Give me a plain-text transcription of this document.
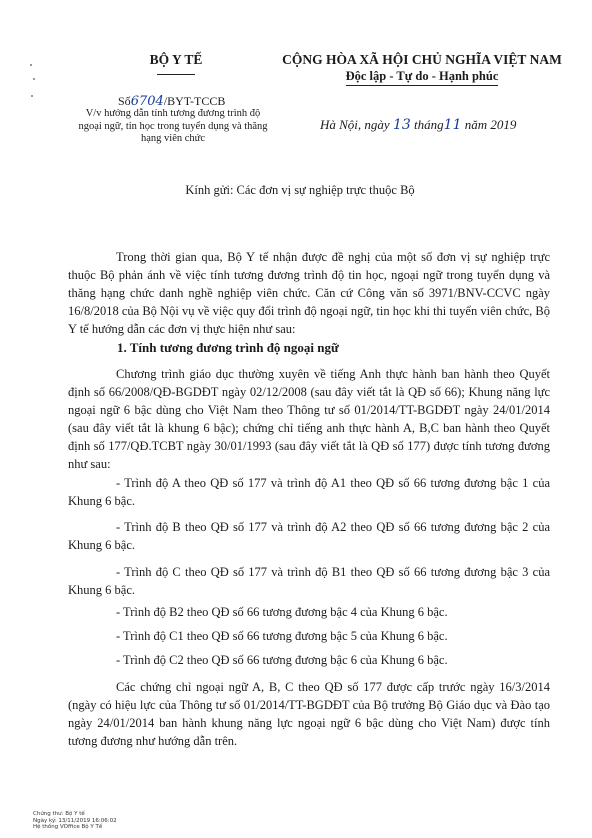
BỘ Y TẾ	CỘNG HÒA XÃ HỘI CHỦ NGHĨA VIỆT NAM
Độc lập - Tự do - Hạnh phúc
Số6704/BYT-TCCB
V/v hướng dẫn tính tương đương trình độ ngoại ngữ, tin học trong tuyển dụng và thăng hạng viên chức
Hà Nội, ngày 13 tháng11 năm 2019
Kính gửi: Các đơn vị sự nghiệp trực thuộc Bộ
Trong thời gian qua, Bộ Y tế nhận được đề nghị của một số đơn vị sự nghiệp trực thuộc Bộ phản ánh về việc tính tương đương trình độ tin học, ngoại ngữ trong tuyển dụng và thăng hạng chức danh nghề nghiệp viên chức. Căn cứ Công văn số 3971/BNV-CCVC ngày 16/8/2018 của Bộ Nội vụ về việc quy đổi trình độ ngoại ngữ, tin học khi thi tuyển viên chức, Bộ Y tế hướng dẫn các đơn vị thực hiện như sau:
1. Tính tương đương trình độ ngoại ngữ
Chương trình giáo dục thường xuyên về tiếng Anh thực hành ban hành theo Quyết định số 66/2008/QĐ-BGDĐT ngày 02/12/2008 (sau đây viết tắt là QĐ số 66); Khung năng lực ngoại ngữ 6 bậc dùng cho Việt Nam theo Thông tư số 01/2014/TT-BGDĐT ngày 24/01/2014 (sau đây viết tắt là khung 6 bậc); chứng chỉ tiếng anh thực hành A, B,C ban hành theo Quyết định số 177/QĐ.TCBT ngày 30/01/1993 (sau đây viết tắt là QĐ số 177) được tính tương đương như sau:
- Trình độ A theo QĐ số 177 và trình độ A1 theo QĐ số 66 tương đương bậc 1 của Khung 6 bậc.
- Trình độ B theo QĐ số 177 và trình độ A2 theo QĐ số 66 tương đương bậc 2 của Khung 6 bậc.
- Trình độ C theo QĐ số 177 và trình độ B1 theo QĐ số 66 tương đương bậc 3 của Khung 6 bậc.
- Trình độ B2 theo QĐ số 66 tương đương bậc 4 của Khung 6 bậc.
- Trình độ C1 theo QĐ số 66 tương đương bậc 5 của Khung 6 bậc.
- Trình độ C2 theo QĐ số 66 tương đương bậc 6 của Khung 6 bậc.
Các chứng chỉ ngoại ngữ A, B, C theo QĐ số 177 được cấp trước ngày 16/3/2014 (ngày có hiệu lực của Thông tư số 01/2014/TT-BGDĐT của Bộ trưởng Bộ Giáo dục và Đào tạo ngày 24/01/2014 ban hành khung năng lực ngoại ngữ 6 bậc dùng cho Việt Nam) được tính tương đương như hướng dẫn trên.
Chứng thư: Bộ Y tế
Ngày ký: 13/11/2019 16:06:02
Hệ thống VOffice Bộ Y Tế
